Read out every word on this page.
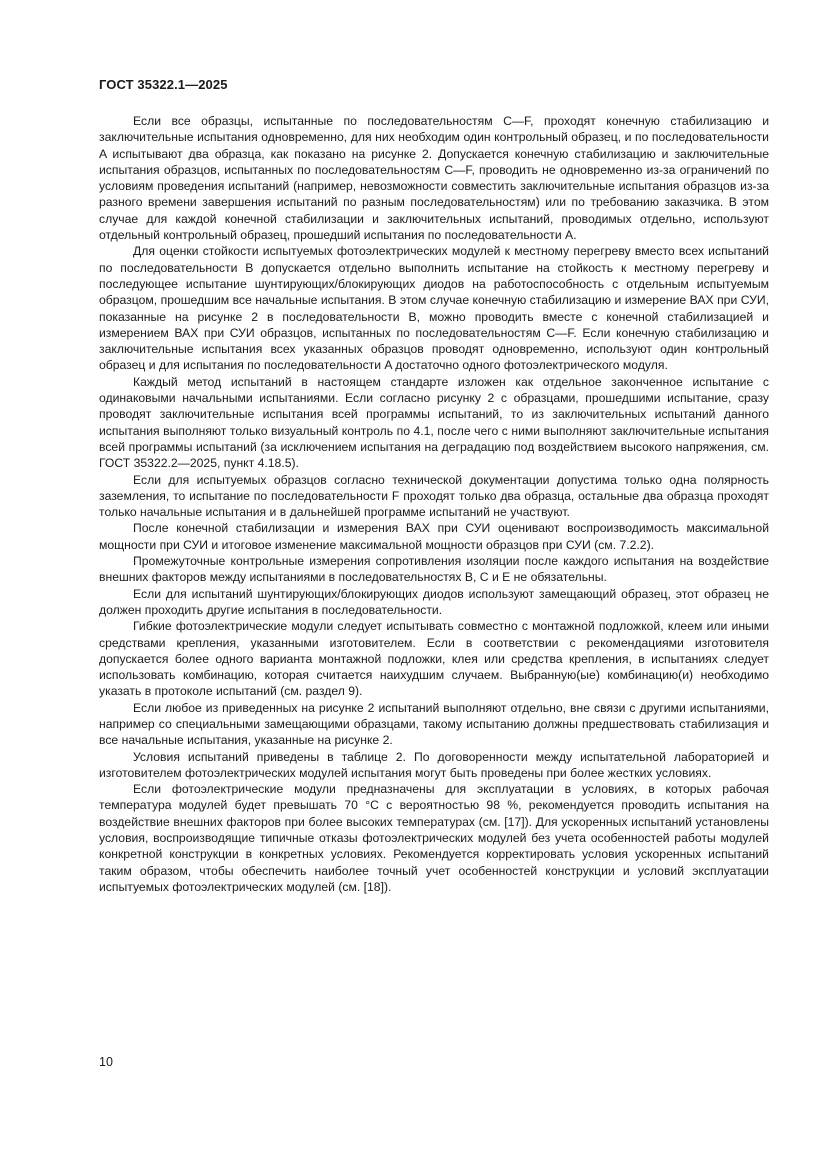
ГОСТ 35322.1—2025

Если все образцы, испытанные по последовательностям C—F, проходят конечную стабилизацию и заключительные испытания одновременно, для них необходим один контрольный образец, и по последовательности A испытывают два образца, как показано на рисунке 2. Допускается конечную стабилизацию и заключительные испытания образцов, испытанных по последовательностям C—F, проводить не одновременно из-за ограничений по условиям проведения испытаний (например, невозможности совместить заключительные испытания образцов из-за разного времени завершения испытаний по разным последовательностям) или по требованию заказчика. В этом случае для каждой конечной стабилизации и заключительных испытаний, проводимых отдельно, используют отдельный контрольный образец, прошедший испытания по последовательности A.

Для оценки стойкости испытуемых фотоэлектрических модулей к местному перегреву вместо всех испытаний по последовательности B допускается отдельно выполнить испытание на стойкость к местному перегреву и последующее испытание шунтирующих/блокирующих диодов на работоспособность с отдельным испытуемым образцом, прошедшим все начальные испытания. В этом случае конечную стабилизацию и измерение ВАХ при СУИ, показанные на рисунке 2 в последовательности B, можно проводить вместе с конечной стабилизацией и измерением ВАХ при СУИ образцов, испытанных по последовательностям C—F. Если конечную стабилизацию и заключительные испытания всех указанных образцов проводят одновременно, используют один контрольный образец и для испытания по последовательности A достаточно одного фотоэлектрического модуля.

Каждый метод испытаний в настоящем стандарте изложен как отдельное законченное испытание с одинаковыми начальными испытаниями. Если согласно рисунку 2 с образцами, прошедшими испытание, сразу проводят заключительные испытания всей программы испытаний, то из заключительных испытаний данного испытания выполняют только визуальный контроль по 4.1, после чего с ними выполняют заключительные испытания всей программы испытаний (за исключением испытания на деградацию под воздействием высокого напряжения, см. ГОСТ 35322.2—2025, пункт 4.18.5).

Если для испытуемых образцов согласно технической документации допустима только одна полярность заземления, то испытание по последовательности F проходят только два образца, остальные два образца проходят только начальные испытания и в дальнейшей программе испытаний не участвуют.

После конечной стабилизации и измерения ВАХ при СУИ оценивают воспроизводимость максимальной мощности при СУИ и итоговое изменение максимальной мощности образцов при СУИ (см. 7.2.2).

Промежуточные контрольные измерения сопротивления изоляции после каждого испытания на воздействие внешних факторов между испытаниями в последовательностях B, C и E не обязательны.

Если для испытаний шунтирующих/блокирующих диодов используют замещающий образец, этот образец не должен проходить другие испытания в последовательности.

Гибкие фотоэлектрические модули следует испытывать совместно с монтажной подложкой, клеем или иными средствами крепления, указанными изготовителем. Если в соответствии с рекомендациями изготовителя допускается более одного варианта монтажной подложки, клея или средства крепления, в испытаниях следует использовать комбинацию, которая считается наихудшим случаем. Выбранную(ые) комбинацию(и) необходимо указать в протоколе испытаний (см. раздел 9).

Если любое из приведенных на рисунке 2 испытаний выполняют отдельно, вне связи с другими испытаниями, например со специальными замещающими образцами, такому испытанию должны предшествовать стабилизация и все начальные испытания, указанные на рисунке 2.

Условия испытаний приведены в таблице 2. По договоренности между испытательной лабораторией и изготовителем фотоэлектрических модулей испытания могут быть проведены при более жестких условиях.

Если фотоэлектрические модули предназначены для эксплуатации в условиях, в которых рабочая температура модулей будет превышать 70 °C с вероятностью 98 %, рекомендуется проводить испытания на воздействие внешних факторов при более высоких температурах (см. [17]). Для ускоренных испытаний установлены условия, воспроизводящие типичные отказы фотоэлектрических модулей без учета особенностей работы модулей конкретной конструкции в конкретных условиях. Рекомендуется корректировать условия ускоренных испытаний таким образом, чтобы обеспечить наиболее точный учет особенностей конструкции и условий эксплуатации испытуемых фотоэлектрических модулей (см. [18]).

10
